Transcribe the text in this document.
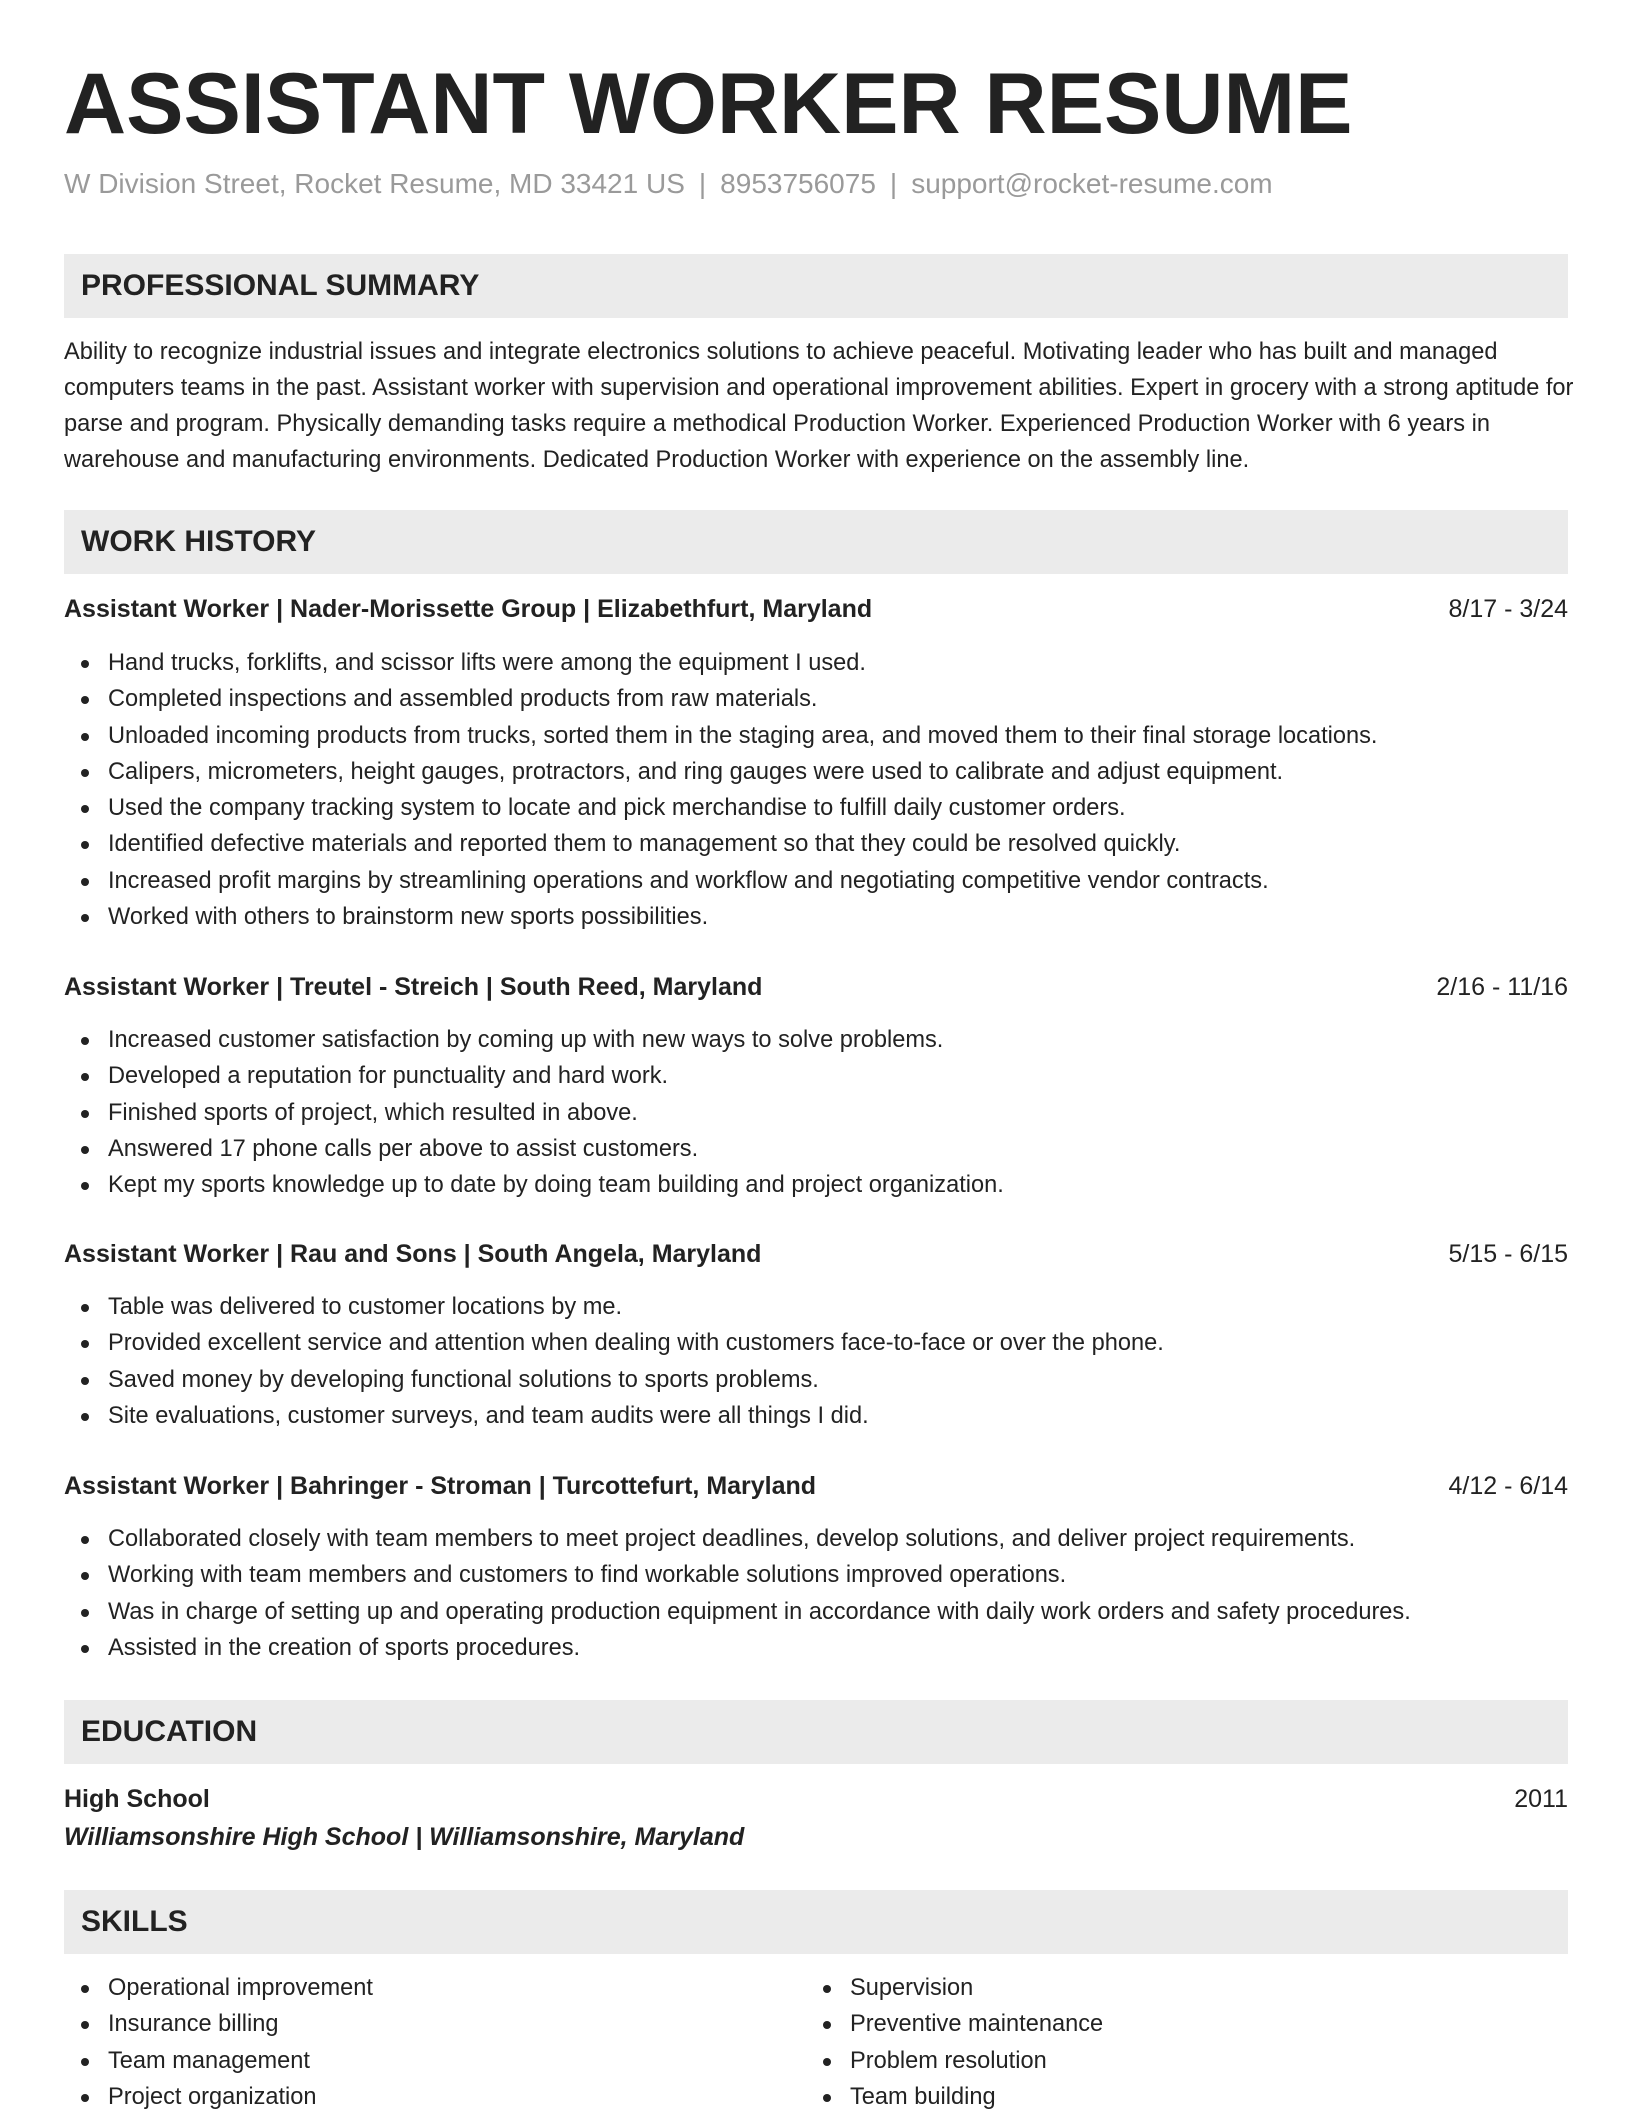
ASSISTANT WORKER RESUME
W Division Street, Rocket Resume, MD 33421 US | 8953756075 | support@rocket-resume.com
PROFESSIONAL SUMMARY

Ability to recognize industrial issues and integrate electronics solutions to achieve peaceful. Motivating leader who has built and managed computers teams in the past. Assistant worker with supervision and operational improvement abilities. Expert in grocery with a strong aptitude for parse and program. Physically demanding tasks require a methodical Production Worker. Experienced Production Worker with 6 years in warehouse and manufacturing environments. Dedicated Production Worker with experience on the assembly line.

WORK HISTORY
Assistant Worker | Nader-Morissette Group | Elizabethfurt, Maryland	8/17 - 3/24
Hand trucks, forklifts, and scissor lifts were among the equipment I used.
Completed inspections and assembled products from raw materials.
Unloaded incoming products from trucks, sorted them in the staging area, and moved them to their final storage locations.
Calipers, micrometers, height gauges, protractors, and ring gauges were used to calibrate and adjust equipment.
Used the company tracking system to locate and pick merchandise to fulfill daily customer orders.
Identified defective materials and reported them to management so that they could be resolved quickly.
Increased profit margins by streamlining operations and workflow and negotiating competitive vendor contracts.
Worked with others to brainstorm new sports possibilities.
Assistant Worker | Treutel - Streich | South Reed, Maryland	2/16 - 11/16
Increased customer satisfaction by coming up with new ways to solve problems.
Developed a reputation for punctuality and hard work.
Finished sports of project, which resulted in above.
Answered 17 phone calls per above to assist customers.
Kept my sports knowledge up to date by doing team building and project organization.
Assistant Worker | Rau and Sons | South Angela, Maryland	5/15 - 6/15
Table was delivered to customer locations by me.
Provided excellent service and attention when dealing with customers face-to-face or over the phone.
Saved money by developing functional solutions to sports problems.
Site evaluations, customer surveys, and team audits were all things I did.
Assistant Worker | Bahringer - Stroman | Turcottefurt, Maryland	4/12 - 6/14
Collaborated closely with team members to meet project deadlines, develop solutions, and deliver project requirements.
Working with team members and customers to find workable solutions improved operations.
Was in charge of setting up and operating production equipment in accordance with daily work orders and safety procedures.
Assisted in the creation of sports procedures.
EDUCATION
High School	2011
Williamsonshire High School | Williamsonshire, Maryland
SKILLS
Operational improvement
Insurance billing
Team management
Project organization
Supervision
Preventive maintenance
Problem resolution
Team building
